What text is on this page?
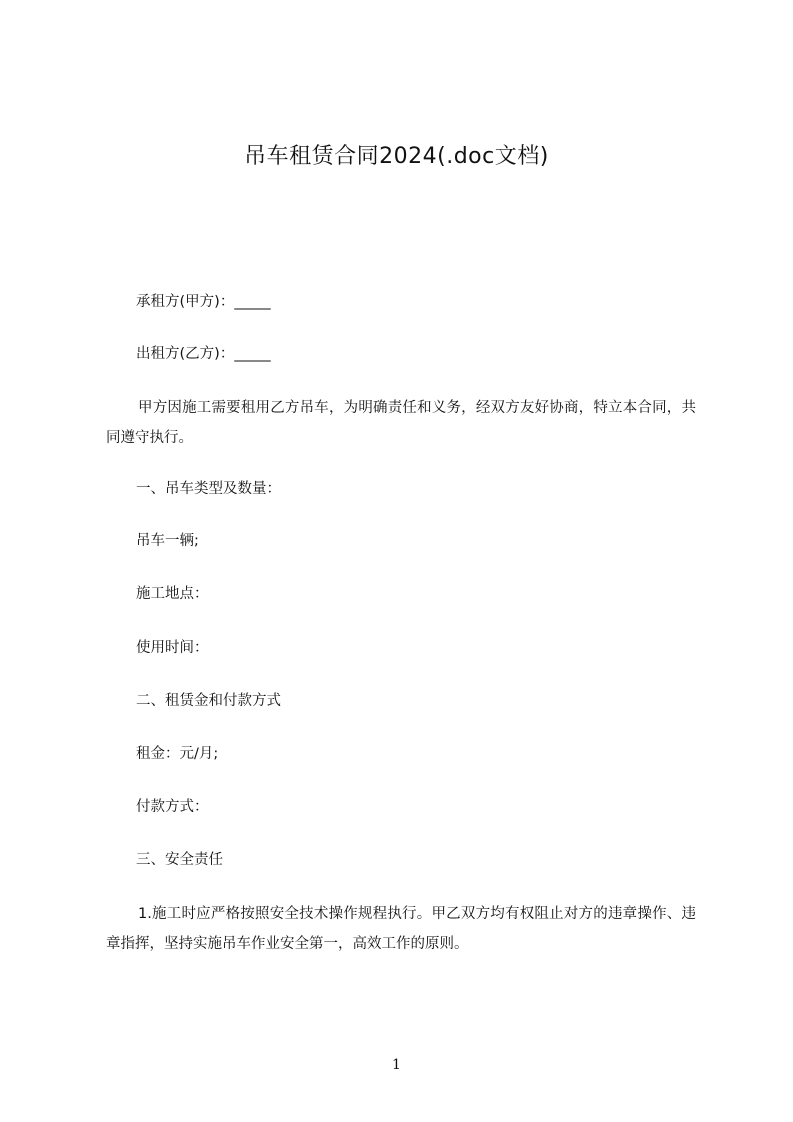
吊车租赁合同2024(.doc文档)
承租方(甲方)：_____
出租方(乙方)：_____
甲方因施工需要租用乙方吊车，为明确责任和义务，经双方友好协商，特立本合同，共同遵守执行。
一、吊车类型及数量：
吊车一辆;
施工地点：
使用时间：
二、租赁金和付款方式
租金：元/月;
付款方式：
三、安全责任
1.施工时应严格按照安全技术操作规程执行。甲乙双方均有权阻止对方的违章操作、违章指挥，坚持实施吊车作业安全第一，高效工作的原则。
1
